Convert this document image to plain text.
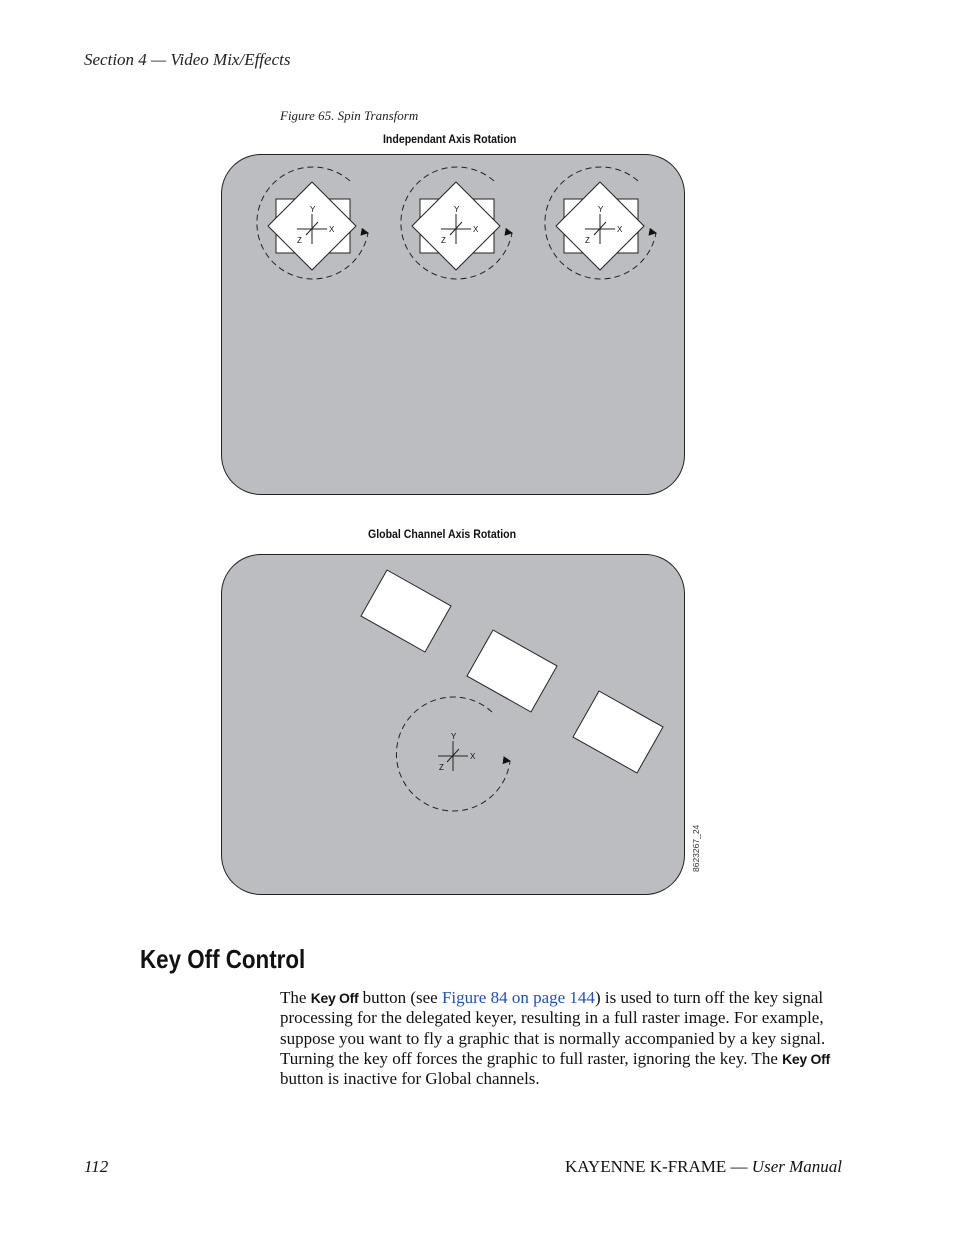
Section 4 — Video Mix/Effects
Figure 65. Spin Transform
Independant Axis Rotation
Global Channel Axis Rotation
Y
X
Z
Y
X
Z
Y
X
Z
Y
X
Z
8623267_24
Key Off Control
The Key Off button (see Figure 84 on page 144) is used to turn off the key signal processing for the delegated keyer, resulting in a full raster image. For example, suppose you want to fly a graphic that is normally accompanied by a key signal. Turning the key off forces the graphic to full raster, ignoring the key. The Key Off button is inactive for Global channels.
112	KAYENNE K-FRAME — User Manual
